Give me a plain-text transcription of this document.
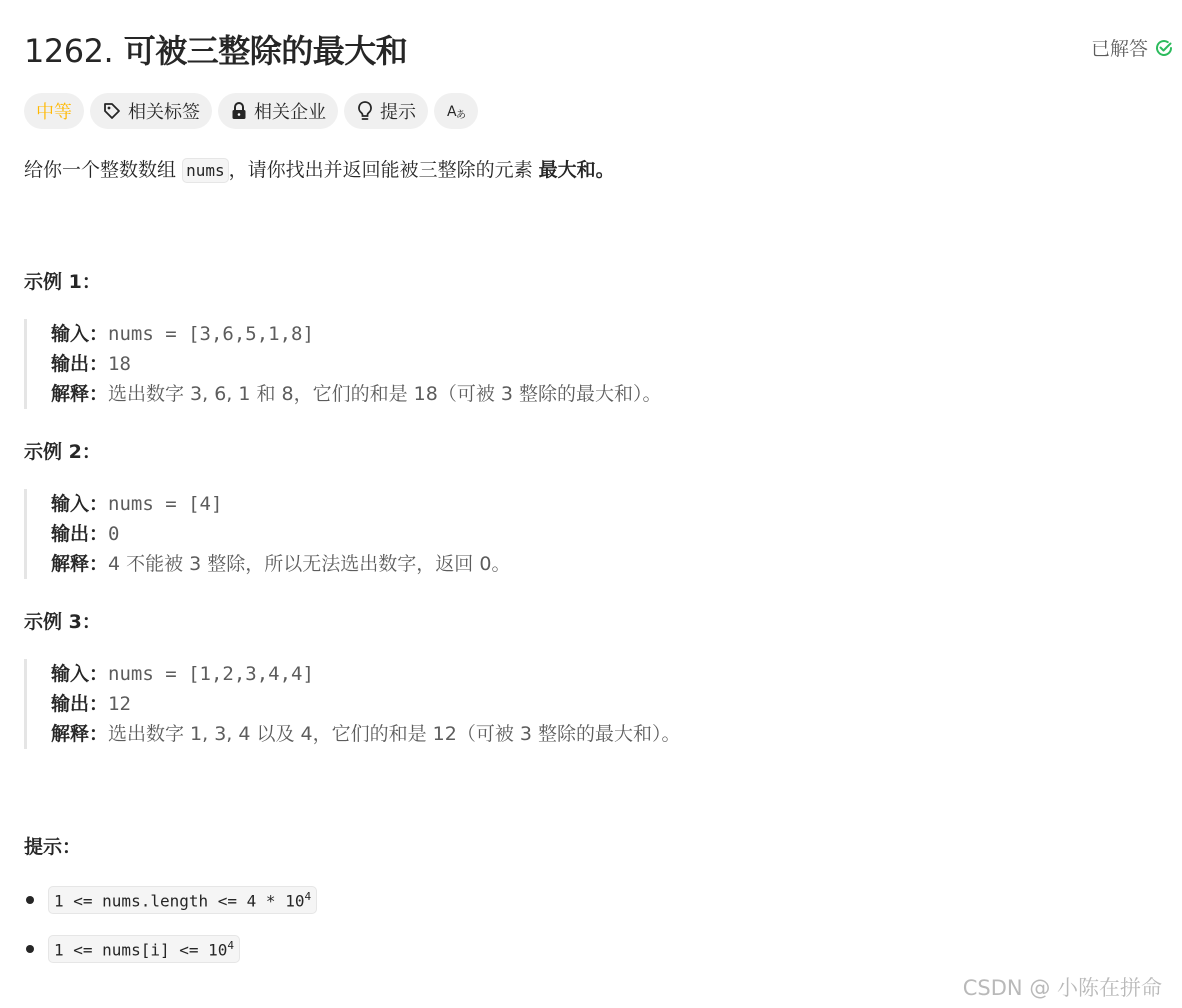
1262. 可被三整除的最大和	已解答
中等	相关标签	相关企业	提示 A あ
给你一个整数数组 nums ，请你找出并返回能被三整除的元素 最大和。
示例 1：
输入：nums = [3,6,5,1,8]
输出：18
解释：选出数字 3, 6, 1 和 8，它们的和是 18（可被 3 整除的最大和）。
示例 2：
输入：nums = [4]
输出：0
解释：4 不能被 3 整除，所以无法选出数字，返回 0。
示例 3：
输入：nums = [1,2,3,4,4]
输出：12
解释：选出数字 1, 3, 4 以及 4，它们的和是 12（可被 3 整除的最大和）。
提示：
1 <= nums.length <= $4 * 10^4$
1 <= nums[i] <= $10^4$
CSDN @ 小陈在拼命
